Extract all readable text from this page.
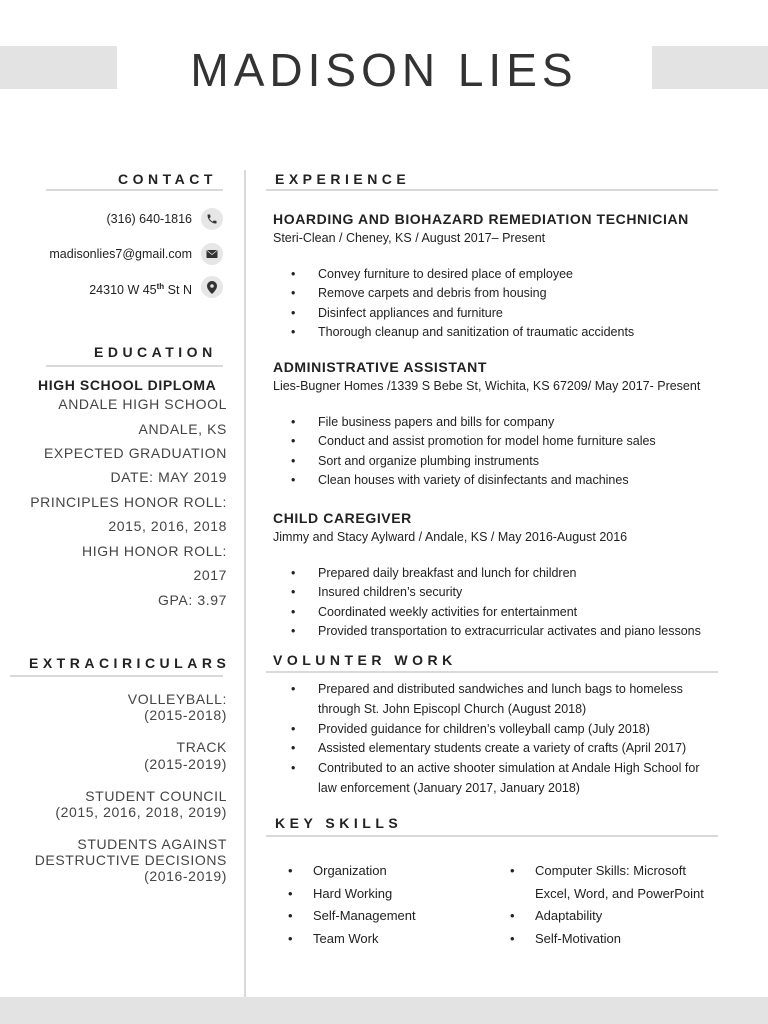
MADISON LIES
CONTACT
(316) 640-1816
madisonlies7@gmail.com
24310 W 45th St N
EDUCATION
HIGH SCHOOL DIPLOMA
ANDALE HIGH SCHOOL
ANDALE, KS
EXPECTED GRADUATION
DATE: MAY 2019
PRINCIPLES HONOR ROLL:
2015, 2016, 2018
HIGH HONOR ROLL:
2017
GPA: 3.97
EXTRACIRICULARS
VOLLEYBALL:
(2015-2018)
TRACK
(2015-2019)
STUDENT COUNCIL
(2015, 2016, 2018, 2019)
STUDENTS AGAINST
DESTRUCTIVE DECISIONS
(2016-2019)
EXPERIENCE
HOARDING AND BIOHAZARD REMEDIATION TECHNICIAN
Steri-Clean / Cheney, KS / August 2017– Present
• Convey furniture to desired place of employee
• Remove carpets and debris from housing
• Disinfect appliances and furniture
• Thorough cleanup and sanitization of traumatic accidents
ADMINISTRATIVE ASSISTANT
Lies-Bugner Homes /1339 S Bebe St, Wichita, KS 67209/ May 2017- Present
• File business papers and bills for company
• Conduct and assist promotion for model home furniture sales
• Sort and organize plumbing instruments
• Clean houses with variety of disinfectants and machines
CHILD CAREGIVER
Jimmy and Stacy Aylward / Andale, KS / May 2016-August 2016
• Prepared daily breakfast and lunch for children
• Insured children’s security
• Coordinated weekly activities for entertainment
• Provided transportation to extracurricular activates and piano lessons
VOLUNTER WORK
• Prepared and distributed sandwiches and lunch bags to homeless
through St. John Episcopl Church (August 2018)
• Provided guidance for children’s volleyball camp (July 2018)
• Assisted elementary students create a variety of crafts (April 2017)
• Contributed to an active shooter simulation at Andale High School for
law enforcement (January 2017, January 2018)
KEY SKILLS
• Organization
• Hard Working
• Self-Management
• Team Work
• Computer Skills: Microsoft
Excel, Word, and PowerPoint
• Adaptability
• Self-Motivation
